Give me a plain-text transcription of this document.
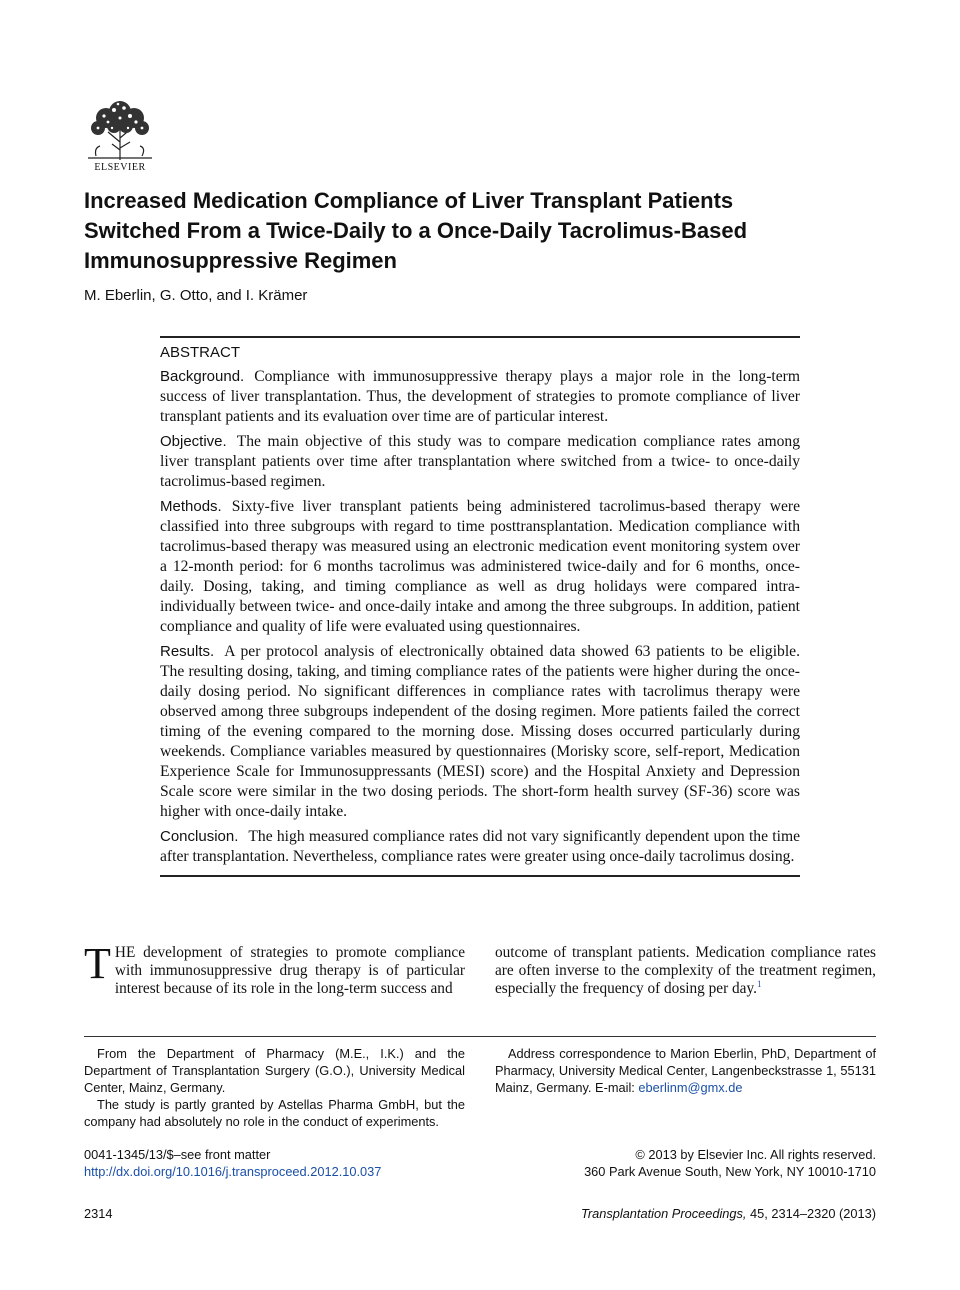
ELSEVIER
Increased Medication Compliance of Liver Transplant Patients
Switched From a Twice-Daily to a Once-Daily Tacrolimus-Based
Immunosuppressive Regimen
M. Eberlin, G. Otto, and I. Krämer
ABSTRACT

Background. Compliance with immunosuppressive therapy plays a major role in the long-term success of liver transplantation. Thus, the development of strategies to promote compliance of liver transplant patients and its evaluation over time are of particular interest.

Objective. The main objective of this study was to compare medication compliance rates among liver transplant patients over time after transplantation where switched from a twice- to once-daily tacrolimus-based regimen.

Methods. Sixty-five liver transplant patients being administered tacrolimus-based therapy were classified into three subgroups with regard to time posttransplantation. Medication compliance with tacrolimus-based therapy was measured using an electronic medication event monitoring system over a 12-month period: for 6 months tacrolimus was administered twice-daily and for 6 months, once-daily. Dosing, taking, and timing compliance as well as drug holidays were compared intra-individually between twice- and once-daily intake and among the three subgroups. In addition, patient compliance and quality of life were evaluated using questionnaires.

Results. A per protocol analysis of electronically obtained data showed 63 patients to be eligible. The resulting dosing, taking, and timing compliance rates of the patients were higher during the once-daily dosing period. No significant differences in compliance rates with tacrolimus therapy were observed among three subgroups independent of the dosing regimen. More patients failed the correct timing of the evening compared to the morning dose. Missing doses occurred particularly during weekends. Compliance variables measured by questionnaires (Morisky score, self-report, Medication Experience Scale for Immunosuppressants (MESI) score) and the Hospital Anxiety and Depression Scale score were similar in the two dosing periods. The short-form health survey (SF-36) score was higher with once-daily intake.

Conclusion. The high measured compliance rates did not vary significantly dependent upon the time after transplantation. Nevertheless, compliance rates were greater using once-daily tacrolimus dosing.

THE development of strategies to promote compliance with immunosuppressive drug therapy is of particular interest because of its role in the long-term success and
outcome of transplant patients. Medication compliance rates are often inverse to the complexity of the treatment regimen, especially the frequency of dosing per day.$^1$

From the Department of Pharmacy (M.E., I.K.) and the Department of Transplantation Surgery (G.O.), University Medical Center, Mainz, Germany.

The study is partly granted by Astellas Pharma GmbH, but the company had absolutely no role in the conduct of experiments.

Address correspondence to Marion Eberlin, PhD, Department of Pharmacy, University Medical Center, Langenbeckstrasse 1, 55131 Mainz, Germany. E-mail: eberlinm@gmx.de

0041-1345/13/$–see front matter
http://dx.doi.org/10.1016/j.transproceed.2012.10.037
© 2013 by Elsevier Inc. All rights reserved.
360 Park Avenue South, New York, NY 10010-1710
2314	Transplantation Proceedings, 45, 2314–2320 (2013)
